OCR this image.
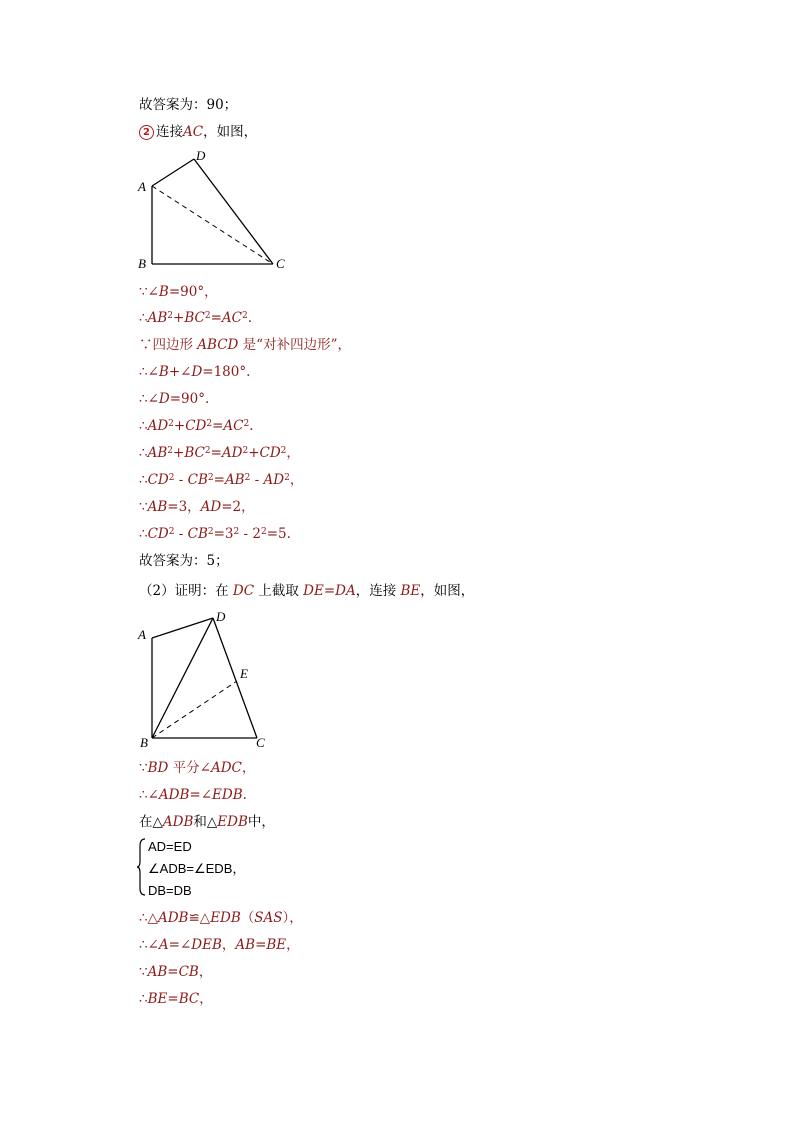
故答案为：90；
2 连接AC，如图，
A
B	C
D
∵∠B=90°，
$\therefore AB^2+BC^2=AC^2$.
∵四边形 ABCD 是“对补四边形”，
∴∠B+∠D=180°.
∴∠D=90°.
$\therefore AD^2+CD^2=AC^2$.
$\therefore AB^2+BC^2=AD^2+CD^2$，
$\therefore CD^2 - CB^2=AB^2 - AD^2$，
∵AB=3，AD=2，
$\therefore CD^2 - CB^2=3^2 - 2^2=5$.
故答案为：5；
（2）证明：在 DC 上截取 DE=DA，连接 BE，如图，
A
B	C
D
E
∵BD 平分∠ADC，
∴∠ADB=∠EDB.
在△ADB和△EDB中，
AD=ED
∠ADB=∠EDB，
DB=DB
∴△ADB≌△EDB（SAS），
∴∠A=∠DEB，AB=BE，
∵AB=CB，
∴BE=BC，
